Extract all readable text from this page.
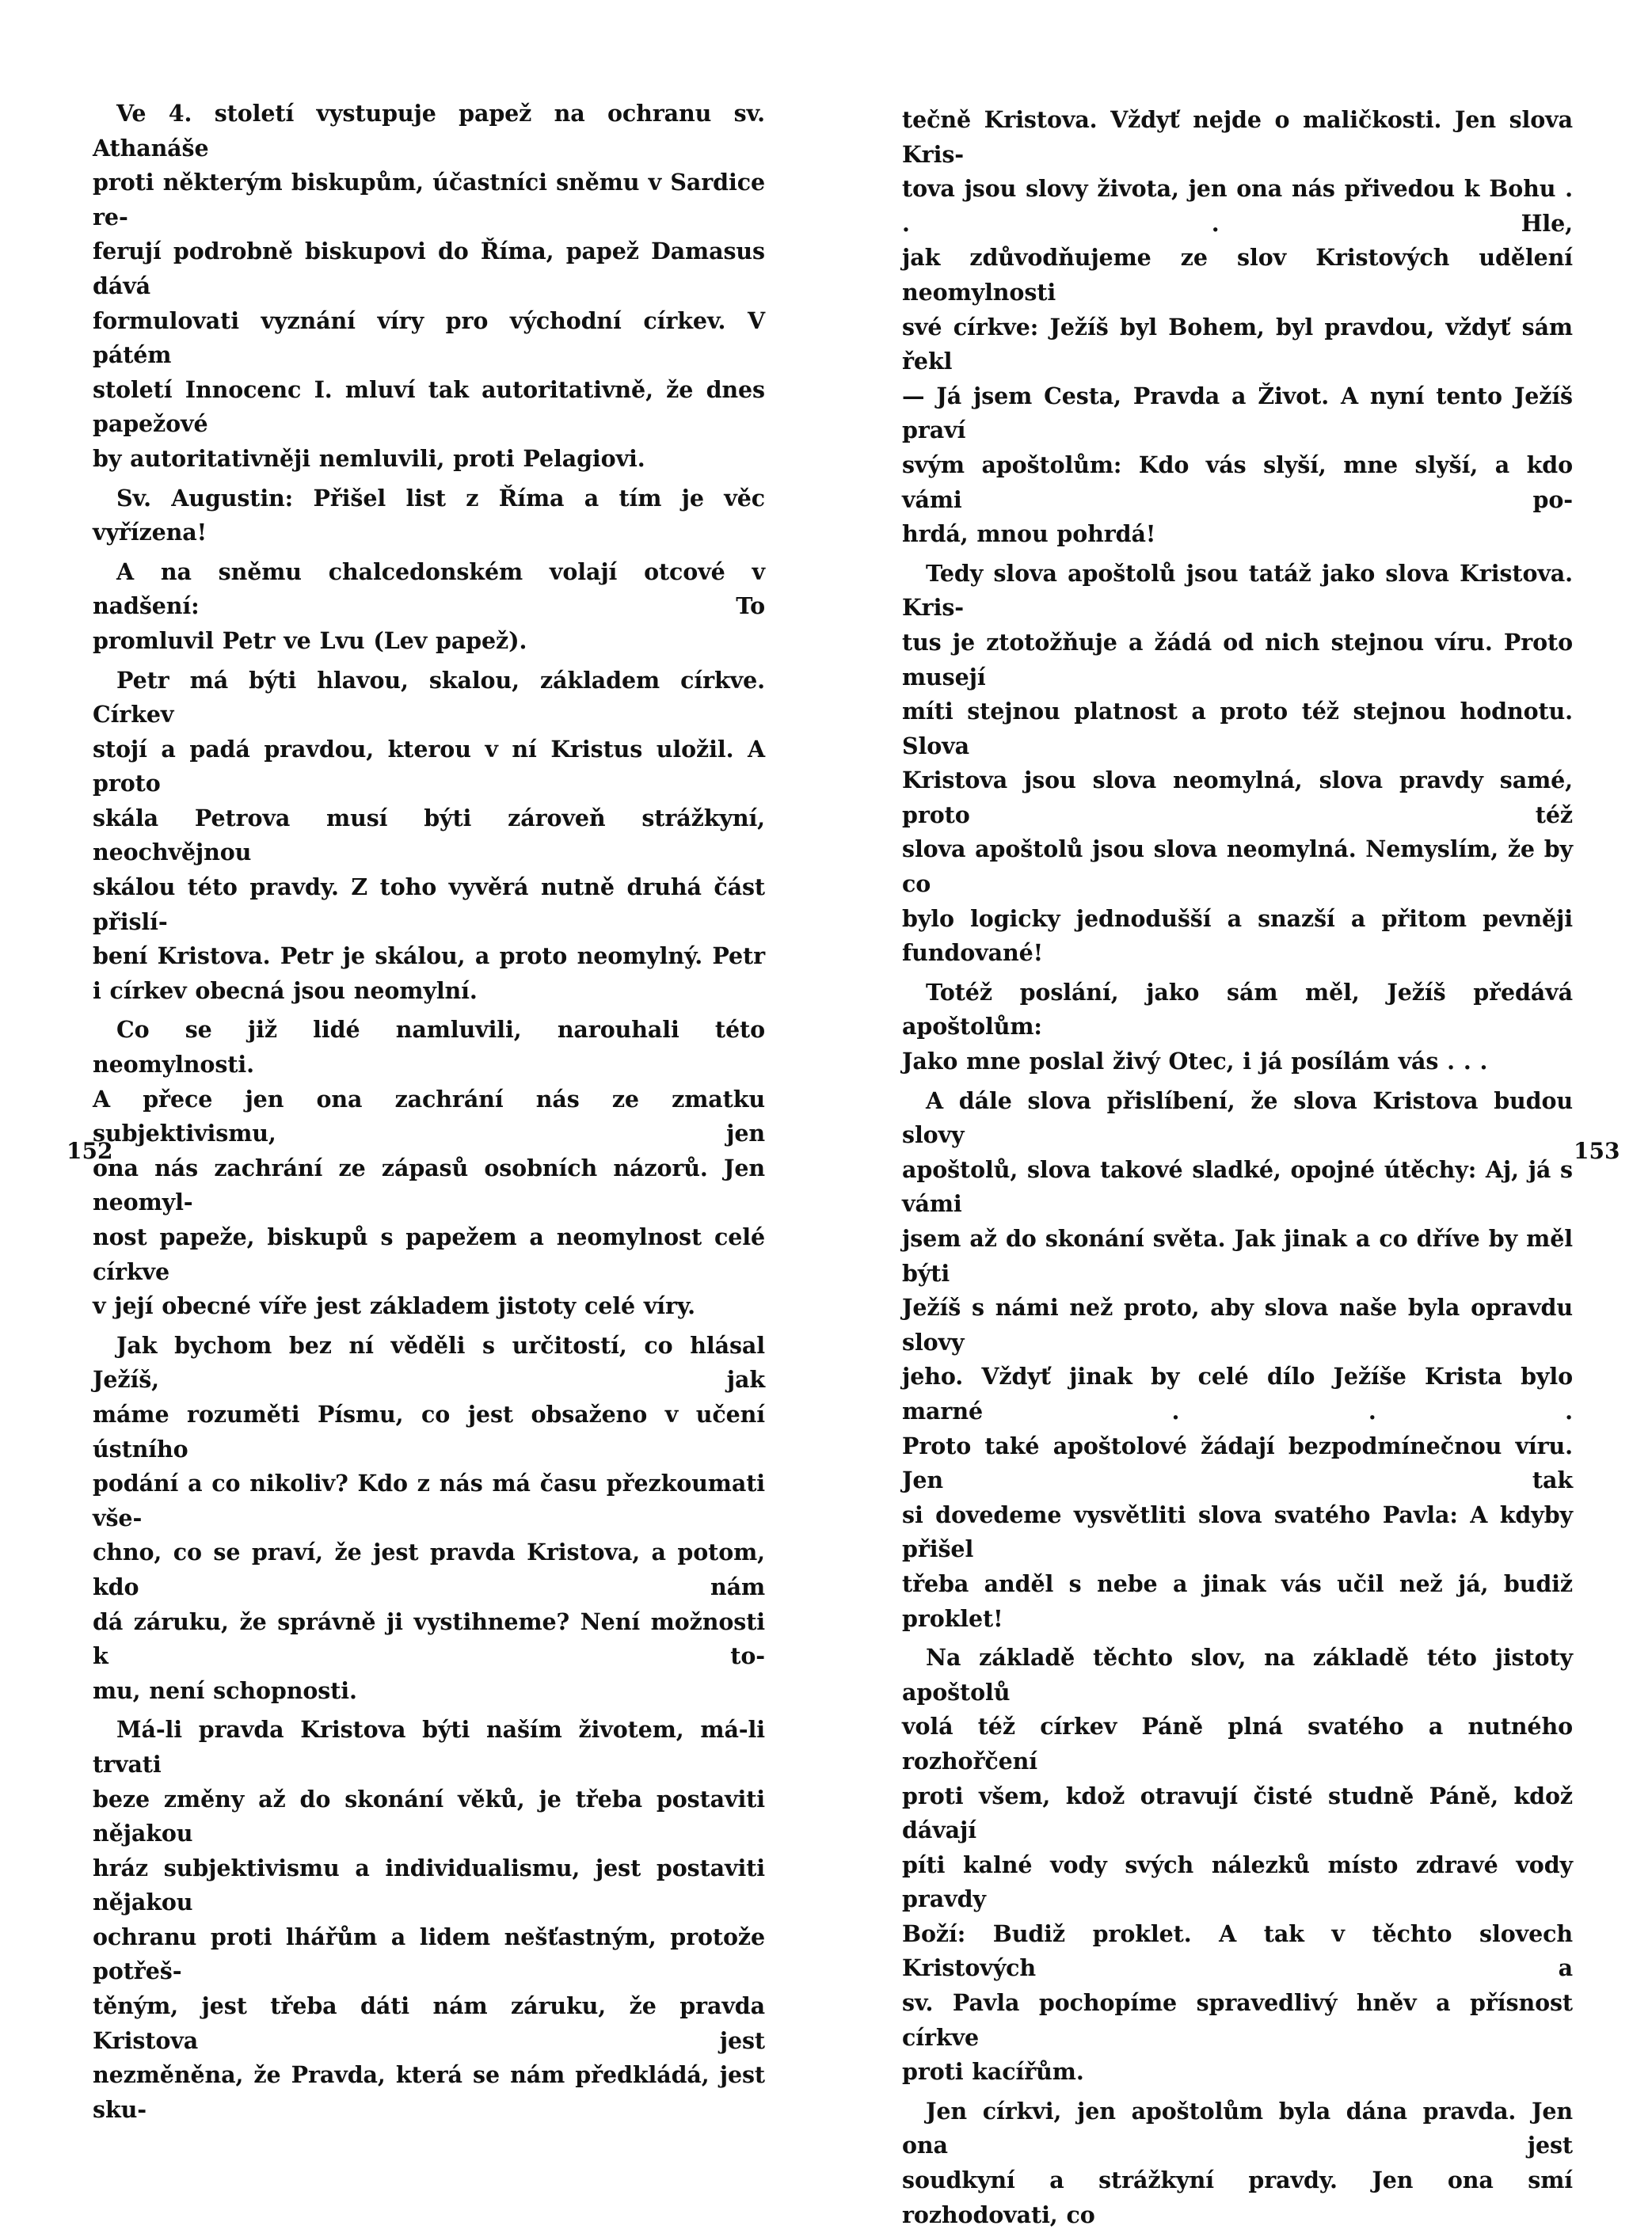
Ve 4. století vystupuje papež na ochranu sv. Athanáše
proti některým biskupům, účastníci sněmu v Sardice re-
ferují podrobně biskupovi do Říma, papež Damasus dává
formulovati vyznání víry pro východní církev. V pátém
století Innocenc I. mluví tak autoritativně, že dnes papežové
by autoritativněji nemluvili, proti Pelagiovi.
Sv. Augustin: Přišel list z Říma a tím je věc vyřízena!
A na sněmu chalcedonském volají otcové v nadšení: To
promluvil Petr ve Lvu (Lev papež).
Petr má býti hlavou, skalou, základem církve. Církev
stojí a padá pravdou, kterou v ní Kristus uložil. A proto
skála Petrova musí býti zároveň strážkyní, neochvějnou
skálou této pravdy. Z toho vyvěrá nutně druhá část přislí-
bení Kristova. Petr je skálou, a proto neomylný. Petr
i církev obecná jsou neomylní.
Co se již lidé namluvili, narouhali této neomylnosti.
A přece jen ona zachrání nás ze zmatku subjektivismu, jen
ona nás zachrání ze zápasů osobních názorů. Jen neomyl-
nost papeže, biskupů s papežem a neomylnost celé církve
v její obecné víře jest základem jistoty celé víry.
Jak bychom bez ní věděli s určitostí, co hlásal Ježíš, jak
máme rozuměti Písmu, co jest obsaženo v učení ústního
podání a co nikoliv? Kdo z nás má času přezkoumati vše-
chno, co se praví, že jest pravda Kristova, a potom, kdo nám
dá záruku, že správně ji vystihneme? Není možnosti k to-
mu, není schopnosti.
Má-li pravda Kristova býti naším životem, má-li trvati
beze změny až do skonání věků, je třeba postaviti nějakou
hráz subjektivismu a individualismu, jest postaviti nějakou
ochranu proti lhářům a lidem nešťastným, protože potřeš-
těným, jest třeba dáti nám záruku, že pravda Kristova jest
nezměněna, že Pravda, která se nám předkládá, jest sku-
152
tečně Kristova. Vždyť nejde o maličkosti. Jen slova Kris-
tova jsou slovy života, jen ona nás přivedou k Bohu . . . Hle,
jak zdůvodňujeme ze slov Kristových udělení neomylnosti
své církve: Ježíš byl Bohem, byl pravdou, vždyť sám řekl
— Já jsem Cesta, Pravda a Život. A nyní tento Ježíš praví
svým apoštolům: Kdo vás slyší, mne slyší, a kdo vámi po-
hrdá, mnou pohrdá!
Tedy slova apoštolů jsou tatáž jako slova Kristova. Kris-
tus je ztotožňuje a žádá od nich stejnou víru. Proto musejí
míti stejnou platnost a proto též stejnou hodnotu. Slova
Kristova jsou slova neomylná, slova pravdy samé, proto též
slova apoštolů jsou slova neomylná. Nemyslím, že by co
bylo logicky jednodušší a snazší a přitom pevněji fundované!
Totéž poslání, jako sám měl, Ježíš předává apoštolům:
Jako mne poslal živý Otec, i já posílám vás . . .
A dále slova přislíbení, že slova Kristova budou slovy
apoštolů, slova takové sladké, opojné útěchy: Aj, já s vámi
jsem až do skonání světa. Jak jinak a co dříve by měl býti
Ježíš s námi než proto, aby slova naše byla opravdu slovy
jeho. Vždyť jinak by celé dílo Ježíše Krista bylo marné . . .
Proto také apoštolové žádají bezpodmínečnou víru. Jen tak
si dovedeme vysvětliti slova svatého Pavla: A kdyby přišel
třeba anděl s nebe a jinak vás učil než já, budiž proklet!
Na základě těchto slov, na základě této jistoty apoštolů
volá též církev Páně plná svatého a nutného rozhořčení
proti všem, kdož otravují čisté studně Páně, kdož dávají
píti kalné vody svých nálezků místo zdravé vody pravdy
Boží: Budiž proklet. A tak v těchto slovech Kristových a
sv. Pavla pochopíme spravedlivý hněv a přísnost církve
proti kacířům.
Jen církvi, jen apoštolům byla dána pravda. Jen ona jest
soudkyní a strážkyní pravdy. Jen ona smí rozhodovati, co
153
